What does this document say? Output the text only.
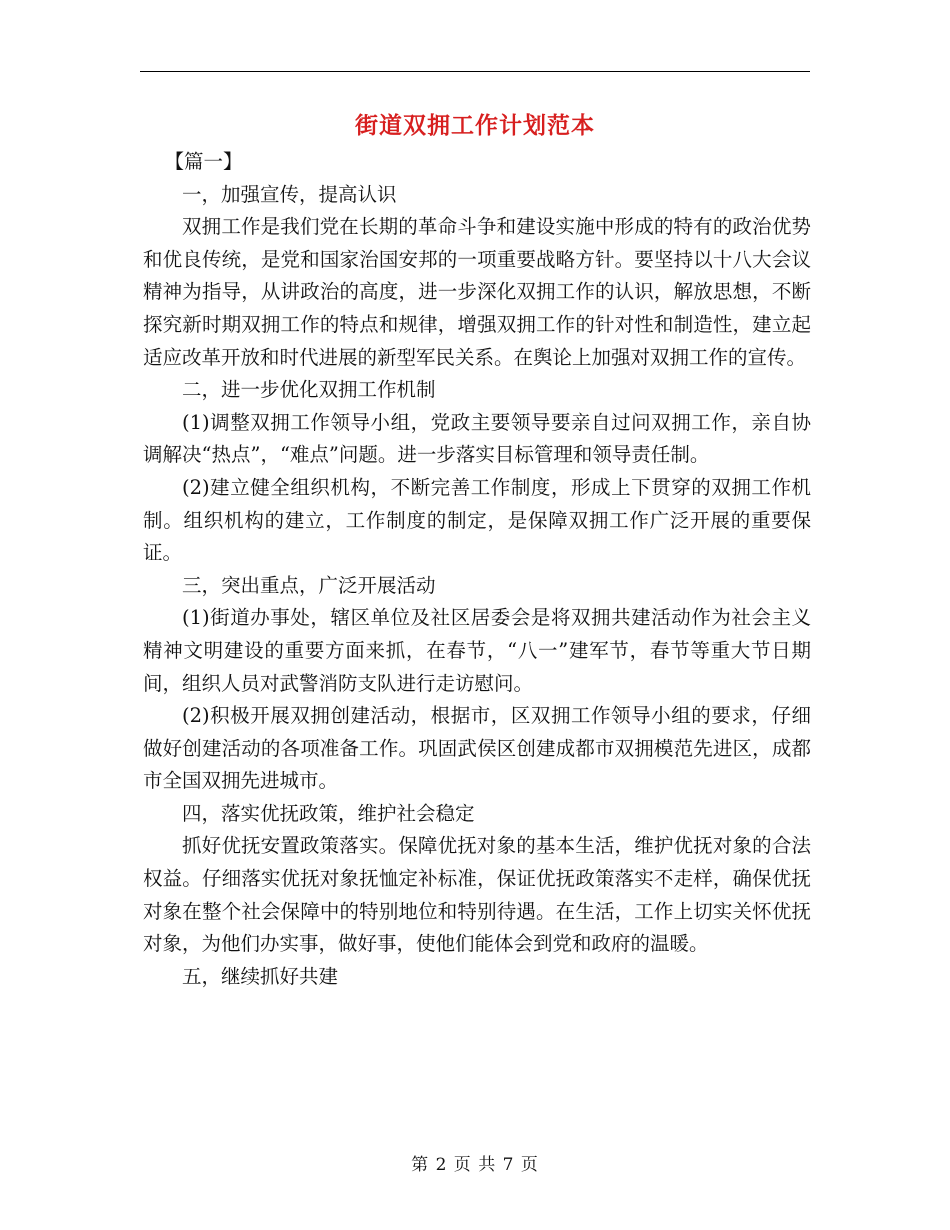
街道双拥工作计划范本

【篇一】

一，加强宣传，提高认识

双拥工作是我们党在长期的革命斗争和建设实施中形成的特有的政治优势和优良传统，是党和国家治国安邦的一项重要战略方针。要坚持以十八大会议精神为指导，从讲政治的高度，进一步深化双拥工作的认识，解放思想，不断探究新时期双拥工作的特点和规律，增强双拥工作的针对性和制造性，建立起适应改革开放和时代进展的新型军民关系。在舆论上加强对双拥工作的宣传。

二，进一步优化双拥工作机制

(1)调整双拥工作领导小组，党政主要领导要亲自过问双拥工作，亲自协调解决“热点”，“难点”问题。进一步落实目标管理和领导责任制。

(2)建立健全组织机构，不断完善工作制度，形成上下贯穿的双拥工作机制。组织机构的建立，工作制度的制定，是保障双拥工作广泛开展的重要保证。

三，突出重点，广泛开展活动

(1)街道办事处，辖区单位及社区居委会是将双拥共建活动作为社会主义精神文明建设的重要方面来抓，在春节，“八一”建军节，春节等重大节日期间，组织人员对武警消防支队进行走访慰问。

(2)积极开展双拥创建活动，根据市，区双拥工作领导小组的要求，仔细做好创建活动的各项准备工作。巩固武侯区创建成都市双拥模范先进区，成都市全国双拥先进城市。

四，落实优抚政策，维护社会稳定

抓好优抚安置政策落实。保障优抚对象的基本生活，维护优抚对象的合法权益。仔细落实优抚对象抚恤定补标准，保证优抚政策落实不走样，确保优抚对象在整个社会保障中的特别地位和特别待遇。在生活，工作上切实关怀优抚对象，为他们办实事，做好事，使他们能体会到党和政府的温暖。

五，继续抓好共建

第 2 页 共 7 页
